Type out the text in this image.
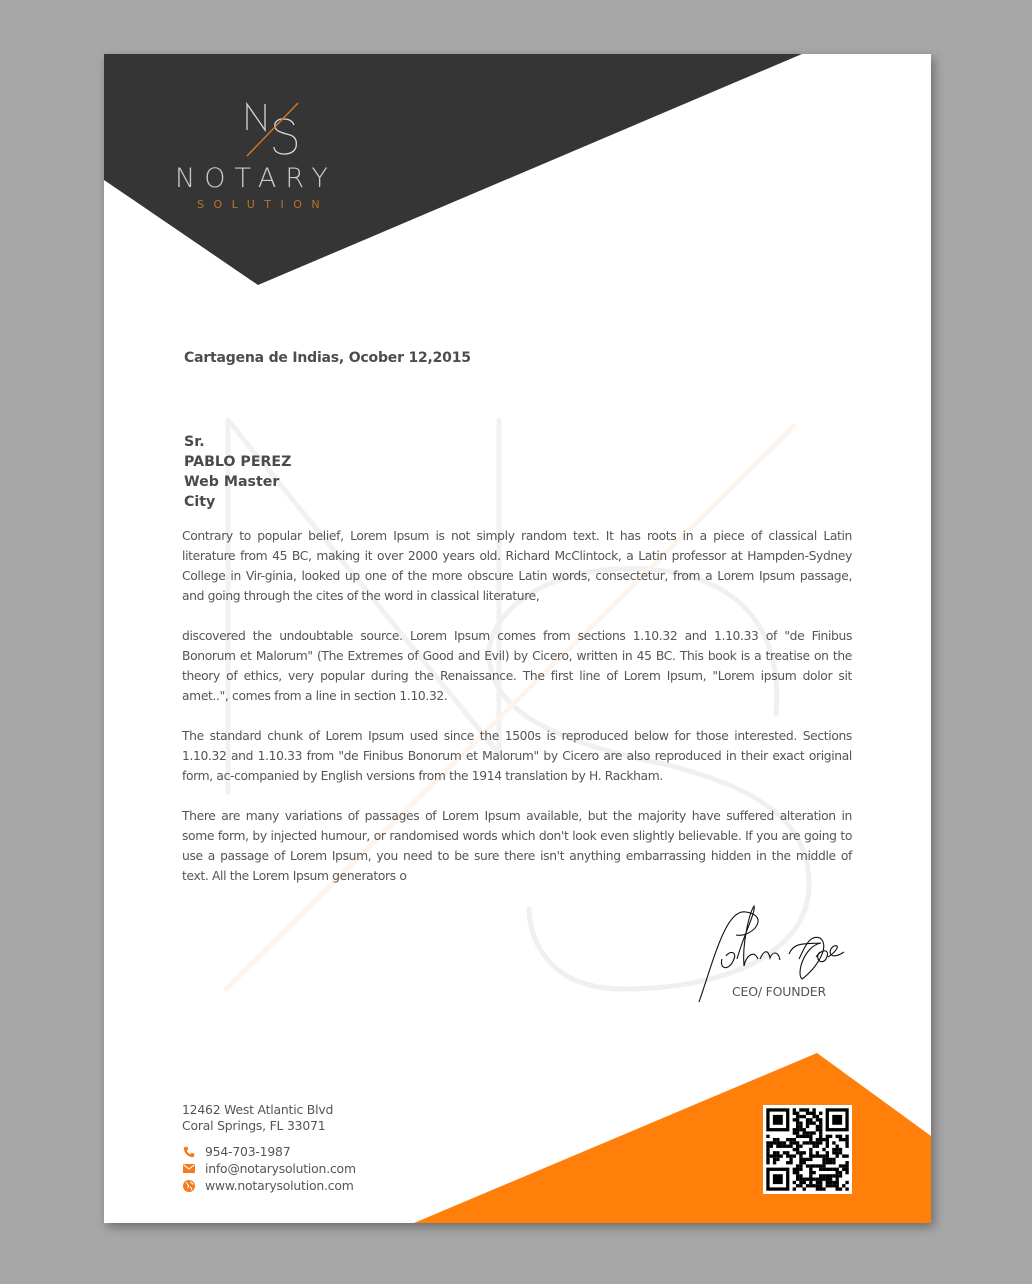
NOTARY
SOLUTION
Cartagena de Indias, Ocober 12,2015
Sr.
PABLO PEREZ
Web Master
City

Contrary to popular belief, Lorem Ipsum is not simply random text. It has roots in a piece of classical Latin literature from 45 BC, making it over 2000 years old. Richard McClintock, a Latin professor at Hampden-Sydney College in Vir-ginia, looked up one of the more obscure Latin words, consectetur, from a Lorem Ipsum passage, and going through the cites of the word in classical literature,

discovered the undoubtable source. Lorem Ipsum comes from sections 1.10.32 and 1.10.33 of "de Finibus Bonorum et Malorum" (The Extremes of Good and Evil) by Cicero, written in 45 BC. This book is a treatise on the theory of ethics, very popular during the Renaissance. The first line of Lorem Ipsum, "Lorem ipsum dolor sit amet..", comes from a line in section 1.10.32.

The standard chunk of Lorem Ipsum used since the 1500s is reproduced below for those interested. Sections 1.10.32 and 1.10.33 from "de Finibus Bonorum et Malorum" by Cicero are also reproduced in their exact original form, ac-companied by English versions from the 1914 translation by H. Rackham.

There are many variations of passages of Lorem Ipsum available, but the majority have suffered alteration in some form, by injected humour, or randomised words which don't look even slightly believable. If you are going to use a passage of Lorem Ipsum, you need to be sure there isn't anything embarrassing hidden in the middle of text. All the Lorem Ipsum generators o

CEO/ FOUNDER
12462 West Atlantic Blvd
Coral Springs, FL 33071
954-703-1987
info@notarysolution.com
www.notarysolution.com
